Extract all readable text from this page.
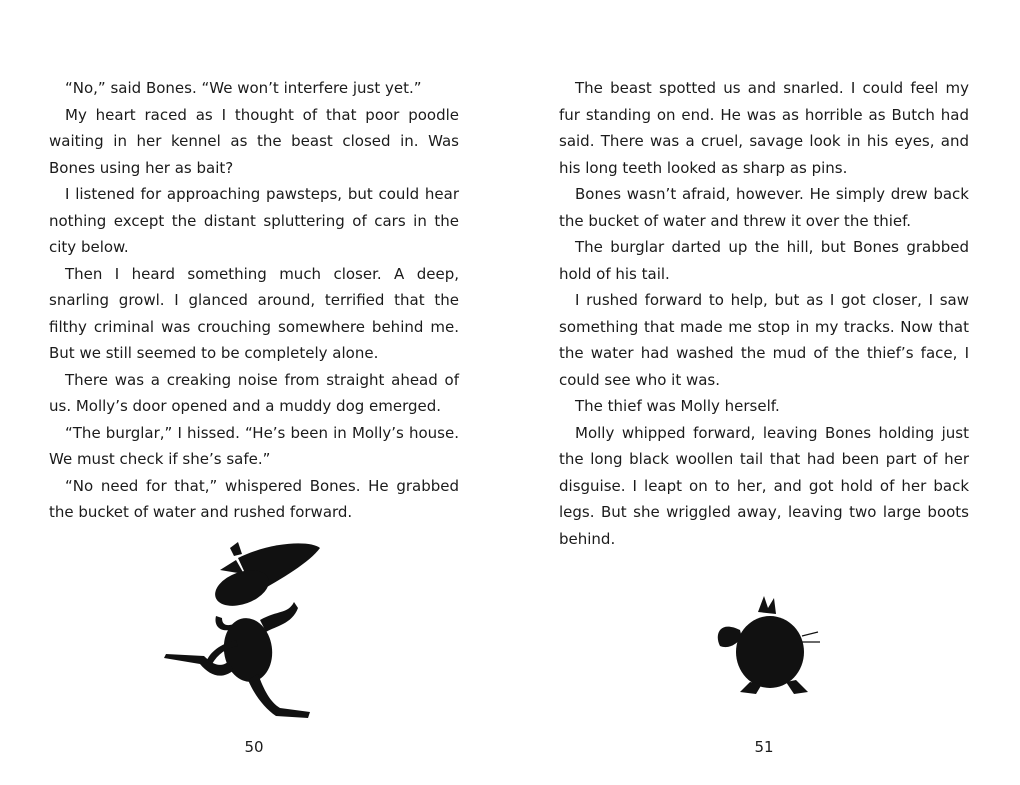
“No,” said Bones. “We won’t interfere just yet.”

My heart raced as I thought of that poor poodle waiting in her kennel as the beast closed in. Was Bones using her as bait?

I listened for approaching pawsteps, but could hear nothing except the distant spluttering of cars in the city below.

Then I heard something much closer. A deep, snarling growl. I glanced around, terrified that the filthy criminal was crouching somewhere behind me. But we still seemed to be completely alone.

There was a creaking noise from straight ahead of us. Molly’s door opened and a muddy dog emerged.

“The burglar,” I hissed. “He’s been in Molly’s house. We must check if she’s safe.”

“No need for that,” whispered Bones. He grabbed the bucket of water and rushed forward.

50

The beast spotted us and snarled. I could feel my fur standing on end. He was as horrible as Butch had said. There was a cruel, savage look in his eyes, and his long teeth looked as sharp as pins.

Bones wasn’t afraid, however. He simply drew back the bucket of water and threw it over the thief.

The burglar darted up the hill, but Bones grabbed hold of his tail.

I rushed forward to help, but as I got closer, I saw something that made me stop in my tracks. Now that the water had washed the mud of the thief’s face, I could see who it was.

The thief was Molly herself.

Molly whipped forward, leaving Bones holding just the long black woollen tail that had been part of her disguise. I leapt on to her, and got hold of her back legs. But she wriggled away, leaving two large boots behind.

51
